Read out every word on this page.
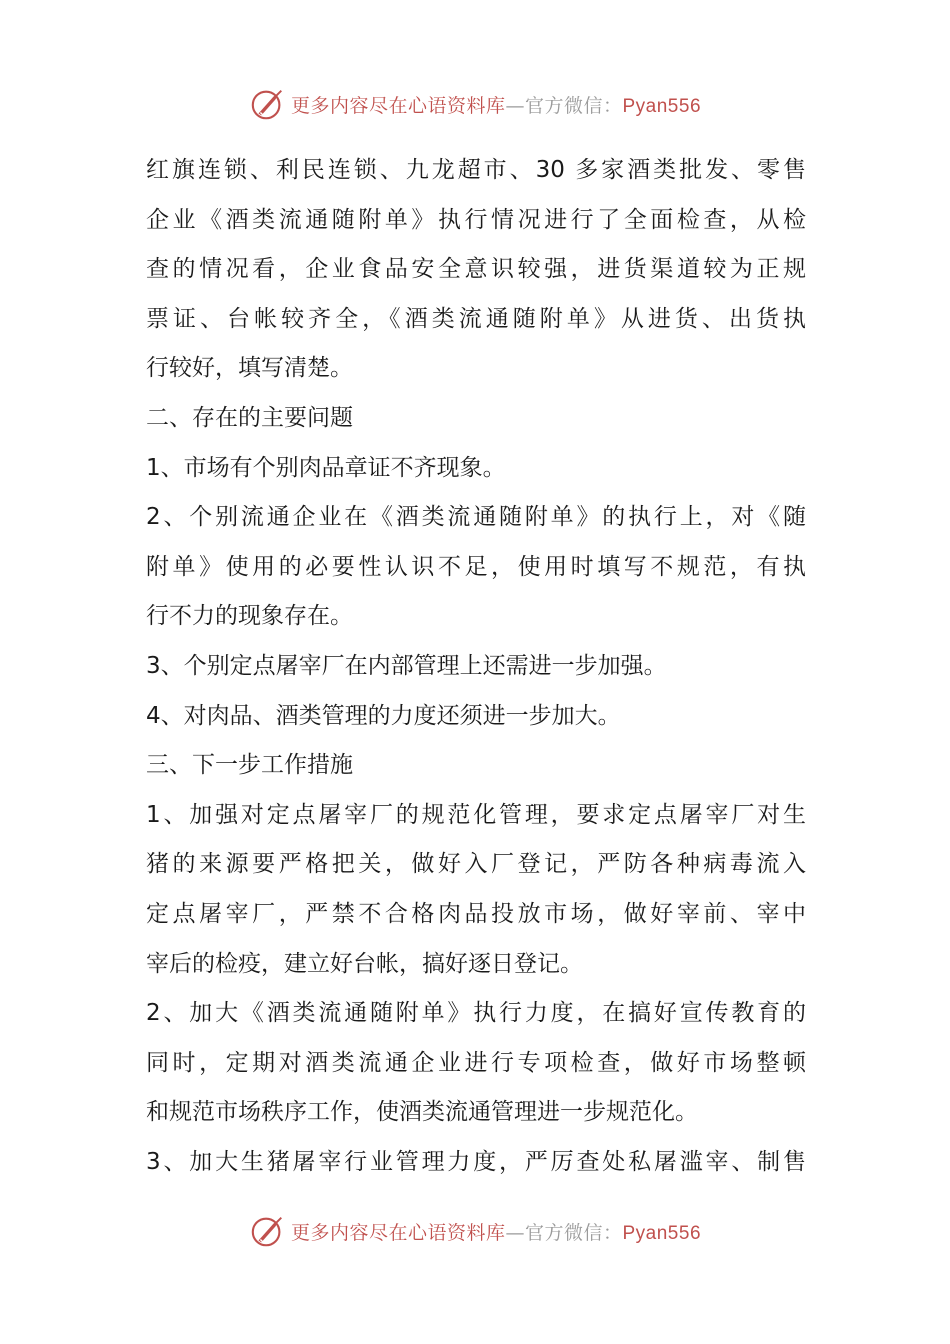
更多内容尽在心语资料库—官方微信：Pyan556
红旗连锁、利民连锁、九龙超市、30 多家酒类批发、零售
企业《酒类流通随附单》执行情况进行了全面检查，从检
查的情况看，企业食品安全意识较强，进货渠道较为正规
票证、台帐较齐全，《酒类流通随附单》从进货、出货执
行较好，填写清楚。
二、存在的主要问题
1、市场有个别肉品章证不齐现象。
2、个别流通企业在《酒类流通随附单》的执行上，对《随
附单》使用的必要性认识不足，使用时填写不规范，有执
行不力的现象存在。
3、个别定点屠宰厂在内部管理上还需进一步加强。
4、对肉品、酒类管理的力度还须进一步加大。
三、下一步工作措施
1、加强对定点屠宰厂的规范化管理，要求定点屠宰厂对生
猪的来源要严格把关，做好入厂登记，严防各种病毒流入
定点屠宰厂，严禁不合格肉品投放市场，做好宰前、宰中
宰后的检疫，建立好台帐，搞好逐日登记。
2、加大《酒类流通随附单》执行力度，在搞好宣传教育的
同时，定期对酒类流通企业进行专项检查，做好市场整顿
和规范市场秩序工作，使酒类流通管理进一步规范化。
3、加大生猪屠宰行业管理力度，严厉查处私屠滥宰、制售
更多内容尽在心语资料库—官方微信：Pyan556
